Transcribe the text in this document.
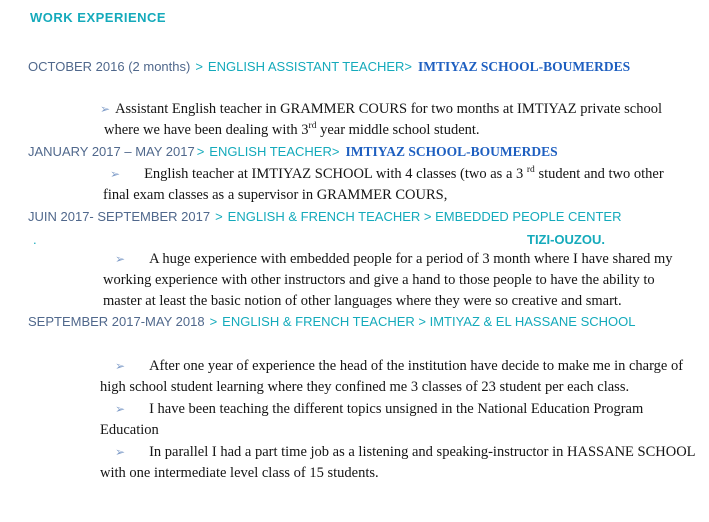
WORK EXPERIENCE
OCTOBER 2016 (2 months) > ENGLISH ASSISTANT TEACHER> IMTIYAZ SCHOOL-BOUMERDES
➢ Assistant English teacher in GRAMMER COURS for two months at IMTIYAZ private school
where we have been dealing with 3rd year middle school student.
JANUARY 2017 – MAY 2017 > ENGLISH TEACHER> IMTIYAZ SCHOOL-BOUMERDES
➢ English teacher at IMTIYAZ SCHOOL with 4 classes (two as a 3 $^{rd}$ student and two other
final exam classes as a supervisor in GRAMMER COURS,
JUIN 2017- SEPTEMBER 2017 > ENGLISH & FRENCH TEACHER > EMBEDDED PEOPLE CENTER
.	TIZI-OUZOU.
➢ A huge experience with embedded people for a period of 3 month where I have shared my
working experience with other instructors and give a hand to those people to have the ability to
master at least the basic notion of other languages where they were so creative and smart.
SEPTEMBER 2017-MAY 2018 > ENGLISH & FRENCH TEACHER > IMTIYAZ & EL HASSANE SCHOOL
➢ After one year of experience the head of the institution have decide to make me in charge of
high school student learning where they confined me 3 classes of 23 student per each class.
➢ I have been teaching the different topics unsigned in the National Education Program
Education
➢ In parallel I had a part time job as a listening and speaking-instructor in HASSANE SCHOOL
with one intermediate level class of 15 students.
